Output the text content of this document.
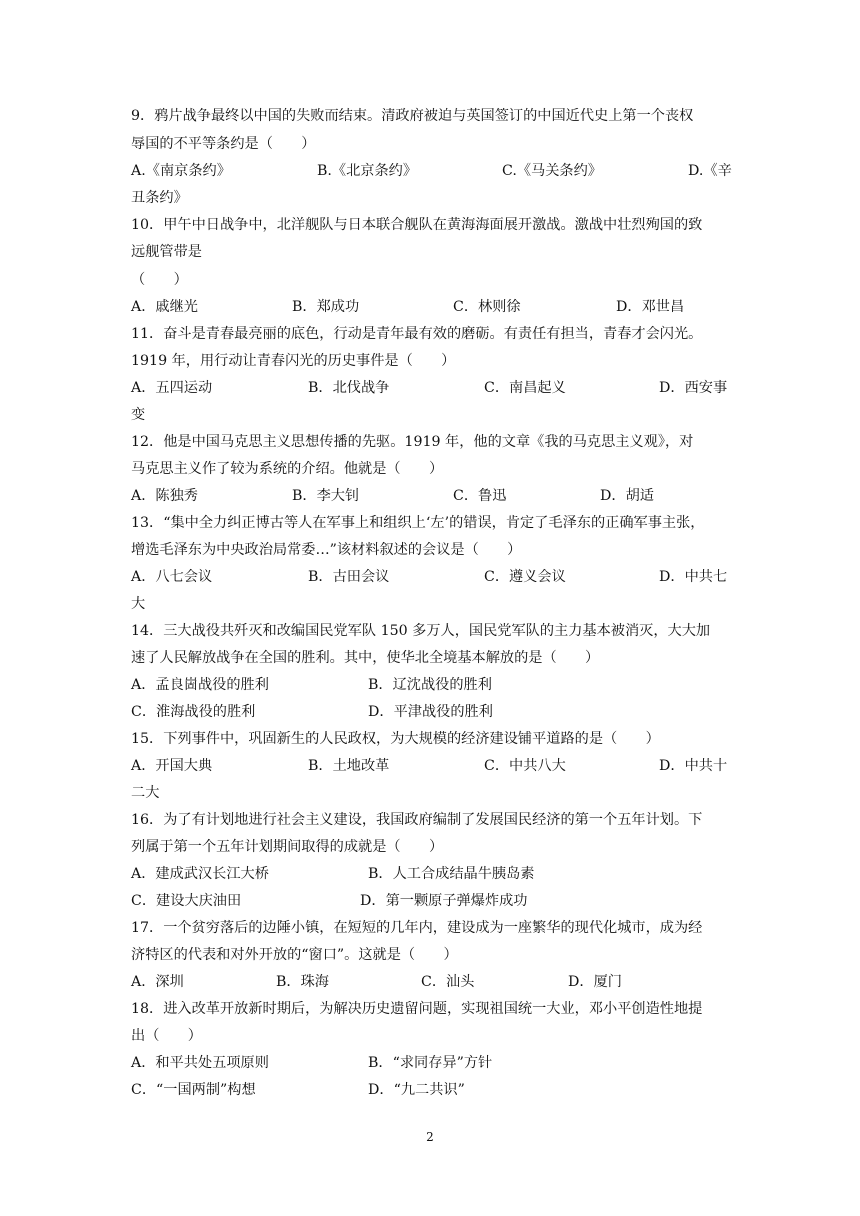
9．鸦片战争最终以中国的失败而结束。清政府被迫与英国签订的中国近代史上第一个丧权
辱国的不平等条约是（　　）
A.《南京条约》	B.《北京条约》	C.《马关条约》	D.《辛
丑条约》
10．甲午中日战争中，北洋舰队与日本联合舰队在黄海海面展开激战。激战中壮烈殉国的致
远舰管带是
（　　）
A．戚继光	B．郑成功	C．林则徐	D．邓世昌
11．奋斗是青春最亮丽的底色，行动是青年最有效的磨砺。有责任有担当，青春才会闪光。
1919 年，用行动让青春闪光的历史事件是（　　）
A．五四运动	B．北伐战争	C．南昌起义	D．西安事
变
12．他是中国马克思主义思想传播的先驱。1919 年，他的文章《我的马克思主义观》，对
马克思主义作了较为系统的介绍。他就是（　　）
A．陈独秀	B．李大钊	C．鲁迅	D．胡适
13．“集中全力纠正博古等人在军事上和组织上‘左’的错误，肯定了毛泽东的正确军事主张，
增选毛泽东为中央政治局常委…”该材料叙述的会议是（　　）
A．八七会议	B．古田会议	C．遵义会议	D．中共七
大
14．三大战役共歼灭和改编国民党军队 150 多万人，国民党军队的主力基本被消灭，大大加
速了人民解放战争在全国的胜利。其中，使华北全境基本解放的是（　　）
A．孟良崮战役的胜利	B．辽沈战役的胜利
C．淮海战役的胜利	D．平津战役的胜利
15．下列事件中，巩固新生的人民政权，为大规模的经济建设铺平道路的是（　　）
A．开国大典	B．土地改革	C．中共八大	D．中共十
二大
16．为了有计划地进行社会主义建设，我国政府编制了发展国民经济的第一个五年计划。下
列属于第一个五年计划期间取得的成就是（　　）
A．建成武汉长江大桥	B．人工合成结晶牛胰岛素
C．建设大庆油田	D．第一颗原子弹爆炸成功
17．一个贫穷落后的边陲小镇，在短短的几年内，建设成为一座繁华的现代化城市，成为经
济特区的代表和对外开放的“窗口”。这就是（　　）
A．深圳	B．珠海	C．汕头	D．厦门
18．进入改革开放新时期后，为解决历史遗留问题，实现祖国统一大业，邓小平创造性地提
出（　　）
A．和平共处五项原则	B．“求同存异”方针
C．“一国两制”构想	D．“九二共识”
2
